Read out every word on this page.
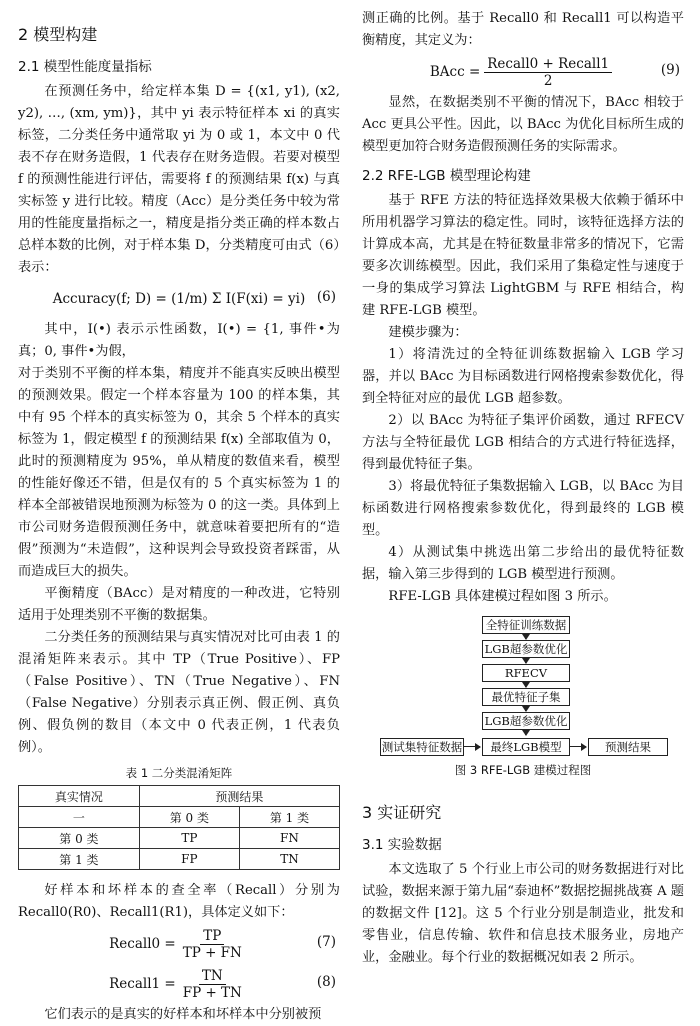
2 模型构建
2.1 模型性能度量指标

在预测任务中，给定样本集 D = {(x1, y1), (x2, y2), …, (xm, ym)}，其中 yi 表示特征样本 xi 的真实标签，二分类任务中通常取 yi 为 0 或 1，本文中 0 代表不存在财务造假，1 代表存在财务造假。若要对模型 f 的预测性能进行评估，需要将 f 的预测结果 f(x) 与真实标签 y 进行比较。精度（Acc）是分类任务中较为常用的性能度量指标之一，精度是指分类正确的样本数占总样本数的比例，对于样本集 D，分类精度可由式（6）表示：

Accuracy(f; D) = (1/m) Σ I(F(xi) = yi) (6)

其中，I(•) 表示示性函数，I(•) = {1, 事件•为真；0, 事件•为假，

对于类别不平衡的样本集，精度并不能真实反映出模型的预测效果。假定一个样本容量为 100 的样本集，其中有 95 个样本的真实标签为 0，其余 5 个样本的真实标签为 1，假定模型 f 的预测结果 f(x) 全部取值为 0，此时的预测精度为 95%，单从精度的数值来看，模型的性能好像还不错，但是仅有的 5 个真实标签为 1 的样本全部被错误地预测为标签为 0 的这一类。具体到上市公司财务造假预测任务中，就意味着要把所有的“造假”预测为“未造假”，这种误判会导致投资者踩雷，从而造成巨大的损失。

平衡精度（BAcc）是对精度的一种改进，它特别适用于处理类别不平衡的数据集。

二分类任务的预测结果与真实情况对比可由表 1 的混淆矩阵来表示。其中 TP（True Positive）、FP（False Positive）、TN（True Negative）、FN（False Negative）分别表示真正例、假正例、真负例、假负例的数目（本文中 0 代表正例，1 代表负例）。

表 1 二分类混淆矩阵
真实情况	预测结果	
一	第 0 类	第 1 类
第 0 类	TP	FN
第 1 类	FP	TN

好样本和坏样本的查全率（Recall）分别为 Recall0(R0)、Recall1(R1)，具体定义如下：

Recall0 = $\frac{TP}{TP + FN}$	(7)
Recall1 = $\frac{TN}{FP + TN}$	(8)

它们表示的是真实的好样本和坏样本中分别被预

测正确的比例。基于 Recall0 和 Recall1 可以构造平衡精度，其定义为：

BAcc = $\frac{\text{Recall0 + Recall1}}{2}$	(9)

显然，在数据类别不平衡的情况下，BAcc 相较于 Acc 更具公平性。因此，以 BAcc 为优化目标所生成的模型更加符合财务造假预测任务的实际需求。

2.2 RFE-LGB 模型理论构建

基于 RFE 方法的特征选择效果极大依赖于循环中所用机器学习算法的稳定性。同时，该特征选择方法的计算成本高，尤其是在特征数量非常多的情况下，它需要多次训练模型。因此，我们采用了集稳定性与速度于一身的集成学习算法 LightGBM 与 RFE 相结合，构建 RFE-LGB 模型。

建模步骤为：

1）将清洗过的全特征训练数据输入 LGB 学习器，并以 BAcc 为目标函数进行网格搜索参数优化，得到全特征对应的最优 LGB 超参数。

2）以 BAcc 为特征子集评价函数，通过 RFECV 方法与全特征最优 LGB 相结合的方式进行特征选择，得到最优特征子集。

3）将最优特征子集数据输入 LGB，以 BAcc 为目标函数进行网格搜索参数优化，得到最终的 LGB 模型。

4）从测试集中挑选出第二步给出的最优特征数据，输入第三步得到的 LGB 模型进行预测。

RFE-LGB 具体建模过程如图 3 所示。

全特征训练数据
LGB超参数优化
RFECV
最优特征子集
LGB超参数优化
测试集特征数据	最终LGB模型	预测结果
图 3 RFE-LGB 建模过程图
3 实证研究
3.1 实验数据

本文选取了 5 个行业上市公司的财务数据进行对比试验，数据来源于第九届“泰迪杯”数据挖掘挑战赛 A 题的数据文件 [12]。这 5 个行业分别是制造业，批发和零售业，信息传输、软件和信息技术服务业，房地产业，金融业。每个行业的数据概况如表 2 所示。
